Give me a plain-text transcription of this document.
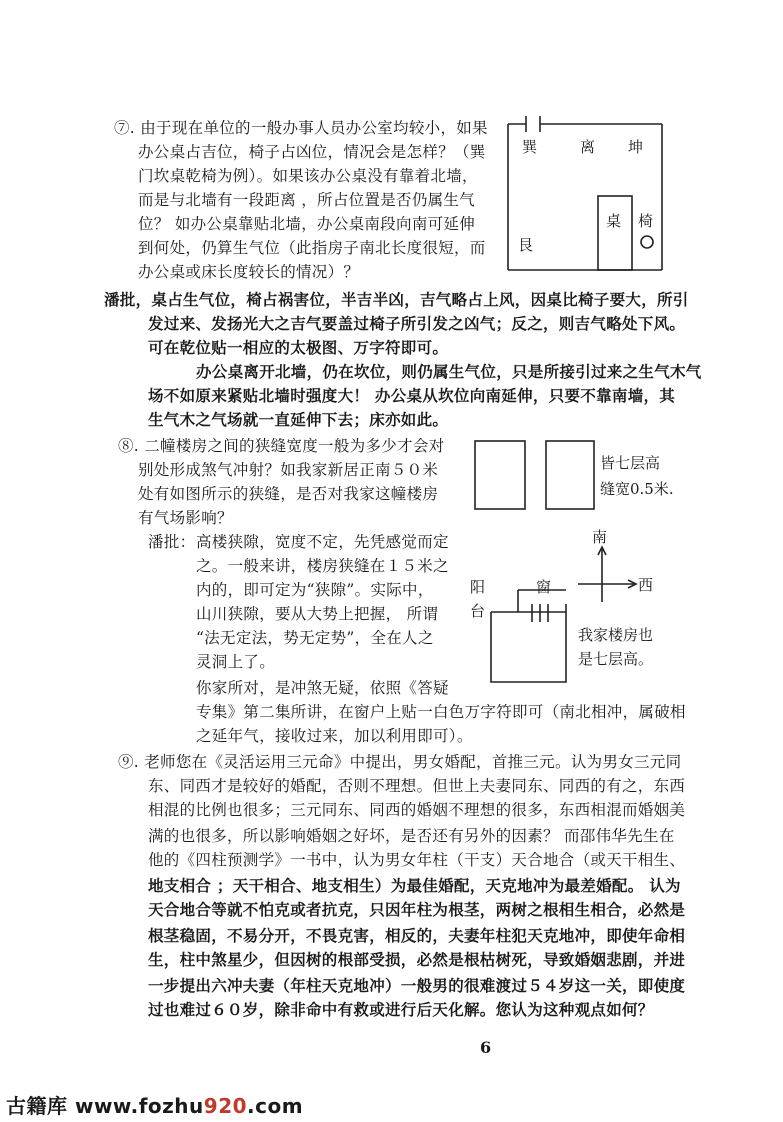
⑦. 由于现在单位的一般办事人员办公室均较小，如果
办公桌占吉位，椅子占凶位，情况会是怎样？（巽
门坎桌乾椅为例）。如果该办公桌没有靠着北墙，
而是与北墙有一段距离 ，所占位置是否仍属生气
位？ 如办公桌靠贴北墙，办公桌南段向南可延伸
到何处，仍算生气位（此指房子南北长度很短，而
办公桌或床长度较长的情况）？
巽	离 坤
艮
桌 椅
潘批，桌占生气位，椅占祸害位，半吉半凶，吉气略占上风，因桌比椅子要大，所引
发过来、发扬光大之吉气要盖过椅子所引发之凶气；反之，则吉气略处下风。
可在乾位贴一相应的太极图、万字符即可。
办公桌离开北墙，仍在坎位，则仍属生气位，只是所接引过来之生气木气
场不如原来紧贴北墙时强度大！ 办公桌从坎位向南延伸，只要不靠南墙，其
生气木之气场就一直延伸下去；床亦如此。
⑧. 二幢楼房之间的狭缝宽度一般为多少才会对
别处形成煞气冲射？如我家新居正南５０米
处有如图所示的狭缝，是否对我家这幢楼房
有气场影响？
潘批： 高楼狭隙，宽度不定，先凭感觉而定
之。一般来讲，楼房狭缝在１５米之
内的，即可定为“狭隙”。实际中，
山川狭隙，要从大势上把握， 所谓
“法无定法，势无定势”，全在人之
灵洞上了。
你家所对，是冲煞无疑，依照《答疑
专集》第二集所讲，在窗户上贴一白色万字符即可（南北相冲，属破相
之延年气，接收过来，加以利用即可）。
皆七层高
缝宽0.5米.
南
西
阳
台
窗
我家楼房也
是七层高。
⑨. 老师您在《灵活运用三元命》中提出，男女婚配，首推三元。认为男女三元同
东、同西才是较好的婚配，否则不理想。但世上夫妻同东、同西的有之，东西
相混的比例也很多；三元同东、同西的婚姻不理想的很多，东西相混而婚姻美
满的也很多，所以影响婚姻之好坏，是否还有另外的因素？ 而邵伟华先生在
他的《四柱预测学》一书中，认为男女年柱（干支）天合地合（或天干相生、
地支相合 ；天干相合、地支相生）为最佳婚配，天克地冲为最差婚配。 认为
天合地合等就不怕克或者抗克，只因年柱为根茎，两树之根相生相合，必然是
根茎稳固，不易分开，不畏克害，相反的，夫妻年柱犯天克地冲，即使年命相
生，柱中煞星少，但因树的根部受损，必然是根枯树死，导致婚姻悲剧，并进
一步提出六冲夫妻（年柱天克地冲）一般男的很难渡过５４岁这一关，即使度
过也难过６０岁，除非命中有救或进行后天化解。您认为这种观点如何？
6
古籍库 www.fozhu920.com
